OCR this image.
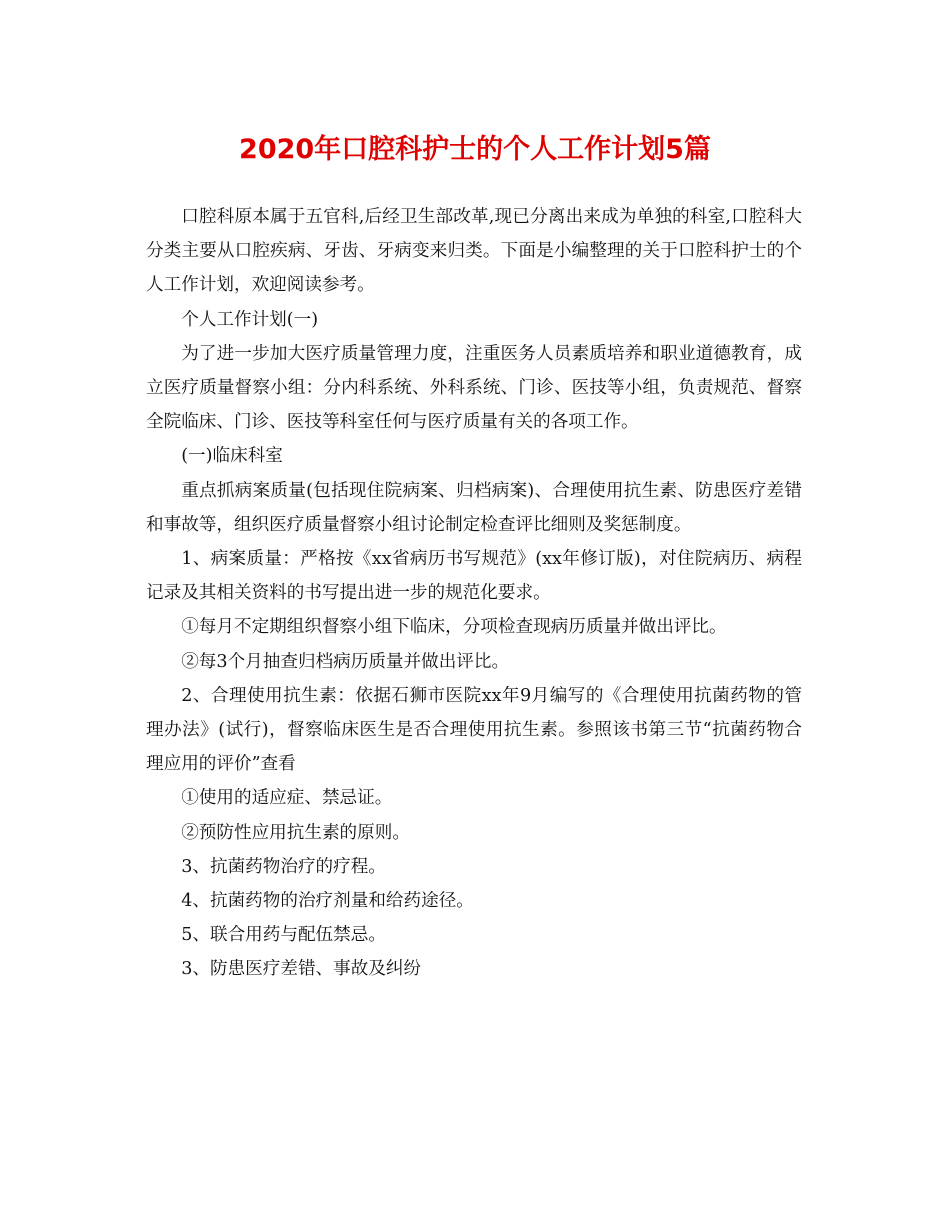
2020年口腔科护士的个人工作计划5篇

口腔科原本属于五官科,后经卫生部改革,现已分离出来成为单独的科室,口腔科大分类主要从口腔疾病、牙齿、牙病变来归类。下面是小编整理的关于口腔科护士的个人工作计划，欢迎阅读参考。

个人工作计划(一)

为了进一步加大医疗质量管理力度，注重医务人员素质培养和职业道德教育，成立医疗质量督察小组：分内科系统、外科系统、门诊、医技等小组，负责规范、督察全院临床、门诊、医技等科室任何与医疗质量有关的各项工作。

(一)临床科室

重点抓病案质量(包括现住院病案、归档病案)、合理使用抗生素、防患医疗差错和事故等，组织医疗质量督察小组讨论制定检查评比细则及奖惩制度。

1、病案质量：严格按《xx省病历书写规范》(xx年修订版)，对住院病历、病程记录及其相关资料的书写提出进一步的规范化要求。

①每月不定期组织督察小组下临床，分项检查现病历质量并做出评比。

②每3个月抽查归档病历质量并做出评比。

2、合理使用抗生素：依据石狮市医院xx年9月编写的《合理使用抗菌药物的管理办法》(试行)，督察临床医生是否合理使用抗生素。参照该书第三节“抗菌药物合理应用的评价”查看

①使用的适应症、禁忌证。

②预防性应用抗生素的原则。

3、抗菌药物治疗的疗程。

4、抗菌药物的治疗剂量和给药途径。

5、联合用药与配伍禁忌。

3、防患医疗差错、事故及纠纷
